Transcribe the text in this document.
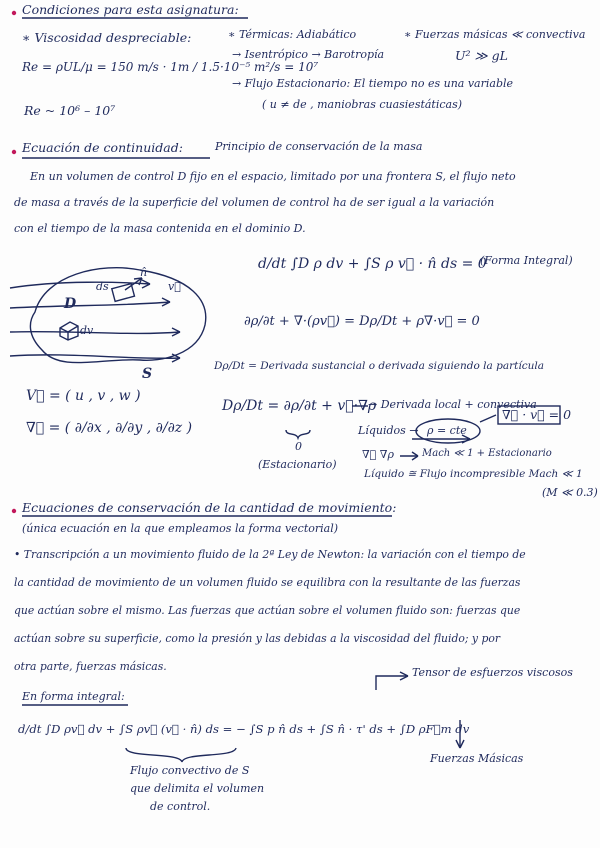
Condiciones para esta asignatura:
∗ Viscosidad despreciable:
Re = ρUL/μ = 150 m/s · 1m / 1.5·10⁻⁵ m²/s = 10⁷
Re ~ 10⁶ – 10⁷
∗ Térmicas: Adiabático
→ Isentrópico → Barotropía
∗ Fuerzas másicas ≪ convectiva
U² ≫ gL
→ Flujo Estacionario: El tiempo no es una variable
( u ≠ de , maniobras cuasiestáticas)
Ecuación de continuidad:	Principio de conservación de la masa
En un volumen de control D fijo en el espacio, limitado por una frontera S, el flujo neto
de masa a través de la superficie del volumen de control ha de ser igual a la variación
con el tiempo de la masa contenida en el dominio D.
d/dt ∫D ρ dv + ∫S ρ v⃗ · n̂ ds = 0
(Forma Integral)
∂ρ/∂t + ∇·(ρv⃗) = Dρ/Dt + ρ∇·v⃗ = 0
Dρ/Dt = Derivada sustancial o derivada siguiendo la partícula
Dρ/Dt = ∂ρ/∂t + v⃗·∇ρ
→ Derivada local + convectiva
0
(Estacionario)
Líquidos → ρ = cte
∇⃗ · v⃗ = 0
∇⃗ ∇ρ	Mach ≪ 1 + Estacionario
Líquido ≅ Flujo incompresible Mach ≪ 1
(M ≪ 0.3)
V⃗ = ( u , v , w )
∇⃗ = ( ∂/∂x , ∂/∂y , ∂/∂z )
D
S
ds
n̂
v⃗
dv
Ecuaciones de conservación de la cantidad de movimiento:
(única ecuación en la que empleamos la forma vectorial)
• Transcripción a un movimiento fluido de la 2ª Ley de Newton: la variación con el tiempo de
la cantidad de movimiento de un volumen fluido se equilibra con la resultante de las fuerzas
que actúan sobre el mismo. Las fuerzas que actúan sobre el volumen fluido son: fuerzas que
actúan sobre su superficie, como la presión y las debidas a la viscosidad del fluido; y por
otra parte, fuerzas másicas.	Tensor de esfuerzos viscosos
En forma integral:
d/dt ∫D ρv⃗ dv + ∫S ρv⃗ (v⃗ · n̂) ds = − ∫S p n̂ ds + ∫S n̂ · τ' ds + ∫D ρF⃗m dv
Flujo convectivo de S
que delimita el volumen
de control.
Fuerzas Másicas
